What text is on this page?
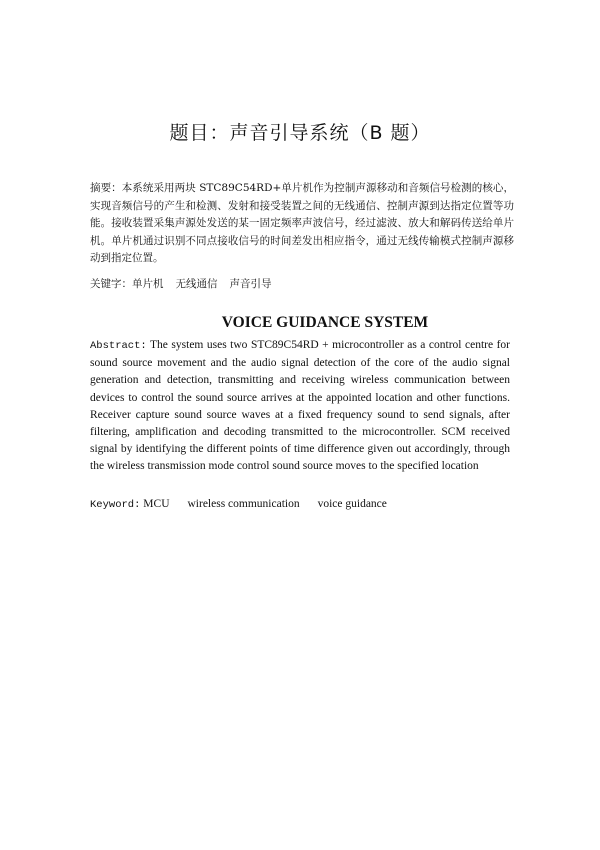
题目：声音引导系统（B 题）

摘要：本系统采用两块 STC89C54RD+单片机作为控制声源移动和音频信号检测的核心，实现音频信号的产生和检测、发射和接受装置之间的无线通信、控制声源到达指定位置等功能。接收装置采集声源处发送的某一固定频率声波信号，经过滤波、放大和解码传送给单片机。单片机通过识别不同点接收信号的时间差发出相应指令，通过无线传输模式控制声源移动到指定位置。

关键字：单片机 无线通信 声音引导

VOICE GUIDANCE SYSTEM

Abstract: The system uses two STC89C54RD + microcontroller as a control centre for sound source movement and the audio signal detection of the core of the audio signal generation and detection, transmitting and receiving wireless communication between devices to control the sound source arrives at the appointed location and other functions. Receiver capture sound source waves at a fixed frequency sound to send signals, after filtering, amplification and decoding transmitted to the microcontroller. SCM received signal by identifying the different points of time difference given out accordingly, through the wireless transmission mode control sound source moves to the specified location

Keyword: MCU wireless communication voice guidance
